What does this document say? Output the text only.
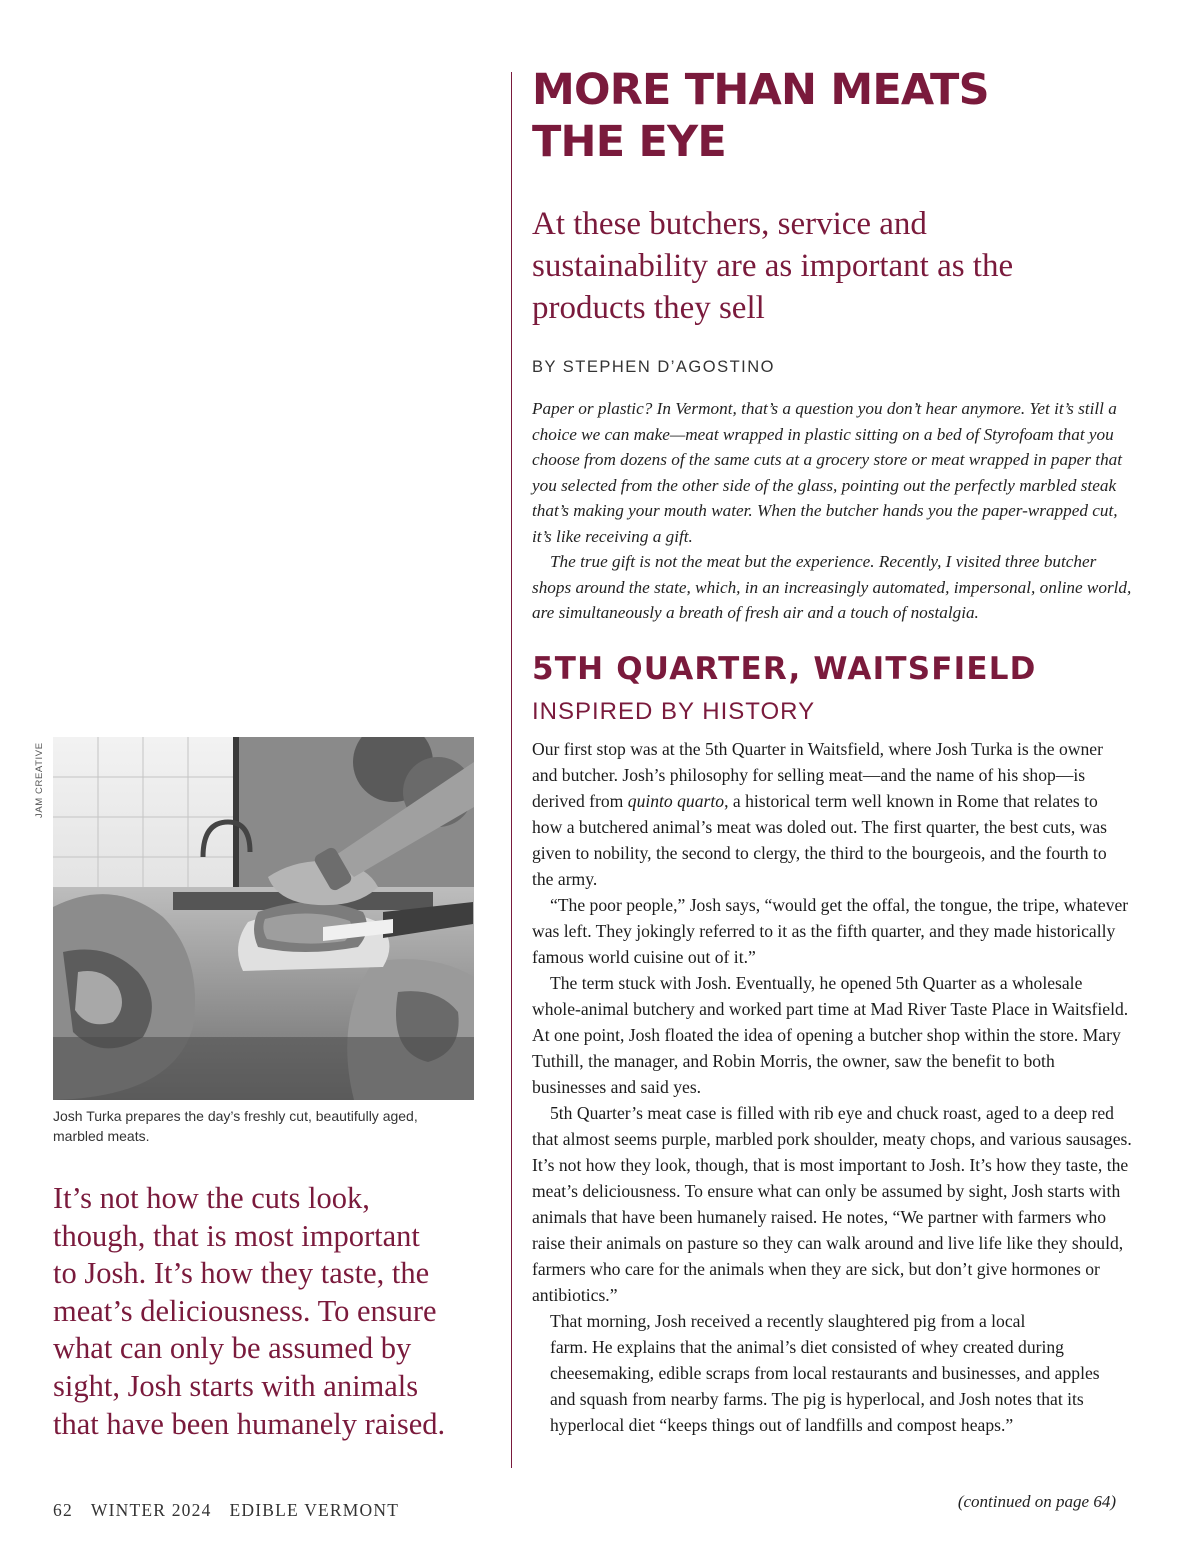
MORE THAN MEATS
THE EYE
At these butchers, service and sustainability are as important as the products they sell
BY STEPHEN D’AGOSTINO

Paper or plastic? In Vermont, that’s a question you don’t hear anymore. Yet it’s still a choice we can make—meat wrapped in plastic sitting on a bed of Styrofoam that you choose from dozens of the same cuts at a grocery store or meat wrapped in paper that you selected from the other side of the glass, pointing out the perfectly marbled steak that’s making your mouth water. When the butcher hands you the paper-wrapped cut, it’s like receiving a gift.

The true gift is not the meat but the experience. Recently, I visited three butcher shops around the state, which, in an increasingly automated, impersonal, online world, are simultaneously a breath of fresh air and a touch of nostalgia.

5TH QUARTER, WAITSFIELD
INSPIRED BY HISTORY

Our first stop was at the 5th Quarter in Waitsfield, where Josh Turka is the owner and butcher. Josh’s philosophy for selling meat—and the name of his shop—is derived from quinto quarto, a historical term well known in Rome that relates to how a butchered animal’s meat was doled out. The first quarter, the best cuts, was given to nobility, the second to clergy, the third to the bourgeois, and the fourth to the army.

“The poor people,” Josh says, “would get the offal, the tongue, the tripe, whatever was left. They jokingly referred to it as the fifth quarter, and they made historically famous world cuisine out of it.”

The term stuck with Josh. Eventually, he opened 5th Quarter as a wholesale whole-animal butchery and worked part time at Mad River Taste Place in Waitsfield. At one point, Josh floated the idea of opening a butcher shop within the store. Mary Tuthill, the manager, and Robin Morris, the owner, saw the benefit to both businesses and said yes.

5th Quarter’s meat case is filled with rib eye and chuck roast, aged to a deep red that almost seems purple, marbled pork shoulder, meaty chops, and various sausages. It’s not how they look, though, that is most important to Josh. It’s how they taste, the meat’s deliciousness. To ensure what can only be assumed by sight, Josh starts with animals that have been humanely raised. He notes, “We partner with farmers who raise their animals on pasture so they can walk around and live life like they should, farmers who care for the animals when they are sick, but don’t give hormones or antibiotics.”

That morning, Josh received a recently slaughtered pig from a local
farm. He explains that the animal’s diet consisted of whey created during
cheesemaking, edible scraps from local restaurants and businesses, and apples
and squash from nearby farms. The pig is hyperlocal, and Josh notes that its
hyperlocal diet “keeps things out of landfills and compost heaps.”

(continued on page 64)
JAM CREATIVE
Josh Turka prepares the day’s freshly cut, beautifully aged, marbled meats.
It’s not how the cuts look,
though, that is most important
to Josh. It’s how they taste, the
meat’s deliciousness. To ensure
what can only be assumed by
sight, Josh starts with animals
that have been humanely raised.
62 WINTER 2024 EDIBLE VERMONT
